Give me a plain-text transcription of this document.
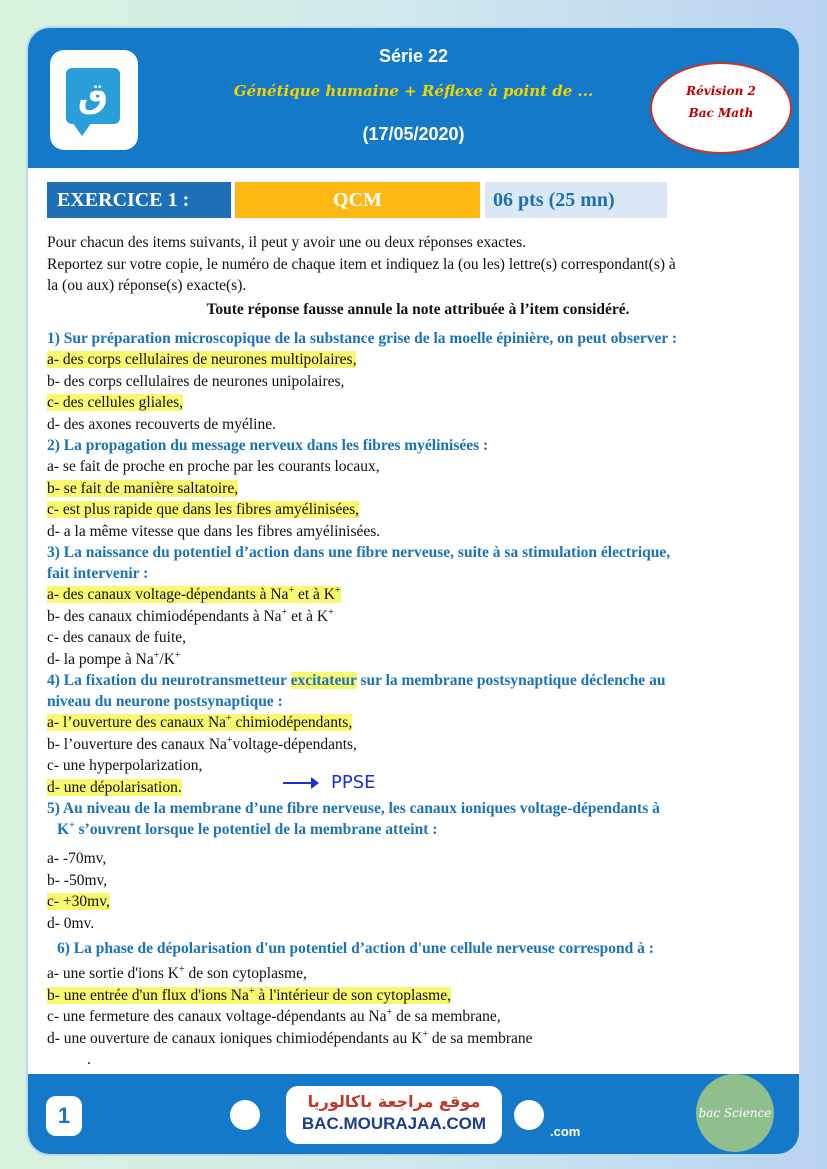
ق
Série 22
Génétique humaine + Réflexe à point de ...
(17/05/2020)
Révision 2
Bac Math
EXERCICE 1 :	QCM	06 pts (25 mn)
Pour chacun des items suivants, il peut y avoir une ou deux réponses exactes.
Reportez sur votre copie, le numéro de chaque item et indiquez la (ou les) lettre(s) correspondant(s) à
la (ou aux) réponse(s) exacte(s).
Toute réponse fausse annule la note attribuée à l’item considéré.
1) Sur préparation microscopique de la substance grise de la moelle épinière, on peut observer :
a- des corps cellulaires de neurones multipolaires,
b- des corps cellulaires de neurones unipolaires,
c- des cellules gliales,
d- des axones recouverts de myéline.
2) La propagation du message nerveux dans les fibres myélinisées :
a- se fait de proche en proche par les courants locaux,
b- se fait de manière saltatoire,
c- est plus rapide que dans les fibres amyélinisées,
d- a la même vitesse que dans les fibres amyélinisées.
3) La naissance du potentiel d’action dans une fibre nerveuse, suite à sa stimulation électrique,
fait intervenir :
a- des canaux voltage-dépendants à Na+ et à K+
b- des canaux chimiodépendants à Na+ et à K+
c- des canaux de fuite,
d- la pompe à Na+/K+
4) La fixation du neurotransmetteur excitateur sur la membrane postsynaptique déclenche au
niveau du neurone postsynaptique :
a- l’ouverture des canaux Na+ chimiodépendants,
b- l’ouverture des canaux Na+voltage-dépendants,
c- une hyperpolarization,
d- une dépolarisation.
5) Au niveau de la membrane d’une fibre nerveuse, les canaux ioniques voltage-dépendants à
K+ s’ouvrent lorsque le potentiel de la membrane atteint :
a- -70mv,
b- -50mv,
c- +30mv,
d- 0mv.
6) La phase de dépolarisation d'un potentiel d’action d'une cellule nerveuse correspond à :
a- une sortie d'ions K+ de son cytoplasme,
b- une entrée d'un flux d'ions Na+ à l'intérieur de son cytoplasme,
c- une fermeture des canaux voltage-dépendants au Na+ de sa membrane,
d- une ouverture de canaux ioniques chimiodépendants au K+ de sa membrane
.
PPSE
1
موقع مراجعة باكالوريا
BAC.MOURAJAA.COM	.com
bac Science
